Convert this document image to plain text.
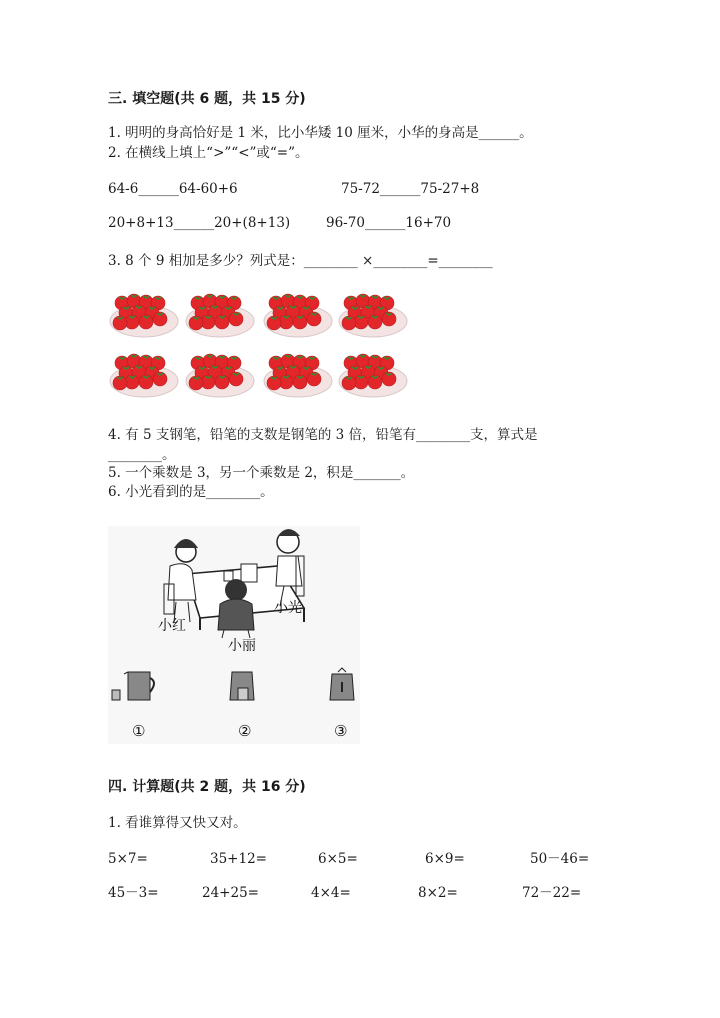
三. 填空题(共 6 题，共 15 分)
1. 明明的身高恰好是 1 米，比小华矮 10 厘米，小华的身高是______。
2. 在横线上填上“>”“<”或“=”。
64-6______64-60+6	75-72______75-27+8
20+8+13______20+(8+13)	96-70______16+70
3. 8 个 9 相加是多少？列式是：________ ×________=________
4. 有 5 支钢笔，铅笔的支数是钢笔的 3 倍，铅笔有________支，算式是
________。
5. 一个乘数是 3，另一个乘数是 2，积是_______。
6. 小光看到的是________。
小红
小光
小丽
①	②	③
四. 计算题(共 2 题，共 16 分)
1. 看谁算得又快又对。
5×7=	35+12=	6×5=	6×9=	50－46=
45－3=	24+25=	4×4=	8×2=	72－22=
